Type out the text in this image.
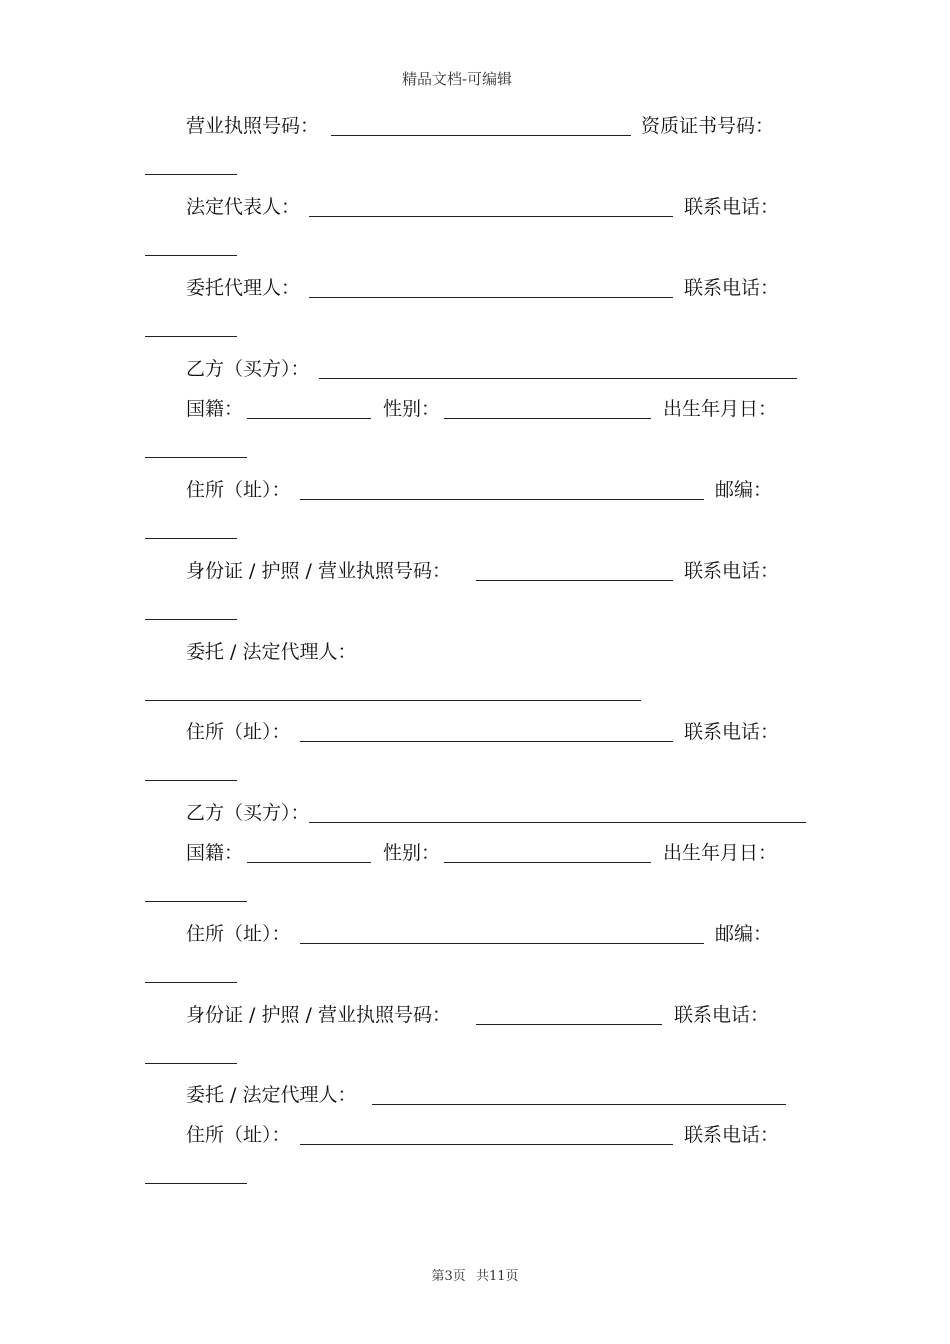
精品文档-可编辑
营业执照号码：	资质证书号码：
法定代表人：	联系电话：
委托代理人：	联系电话：
乙方（买方）：
国籍：	性别：	出生年月日：
住所（址）：	邮编：
身份证 / 护照 / 营业执照号码：	联系电话：
委托 / 法定代理人：
住所（址）：	联系电话：
乙方（买方）：
国籍：	性别：	出生年月日：
住所（址）：	邮编：
身份证 / 护照 / 营业执照号码：	联系电话：
委托 / 法定代理人：
住所（址）：	联系电话：
第3页 共11页
